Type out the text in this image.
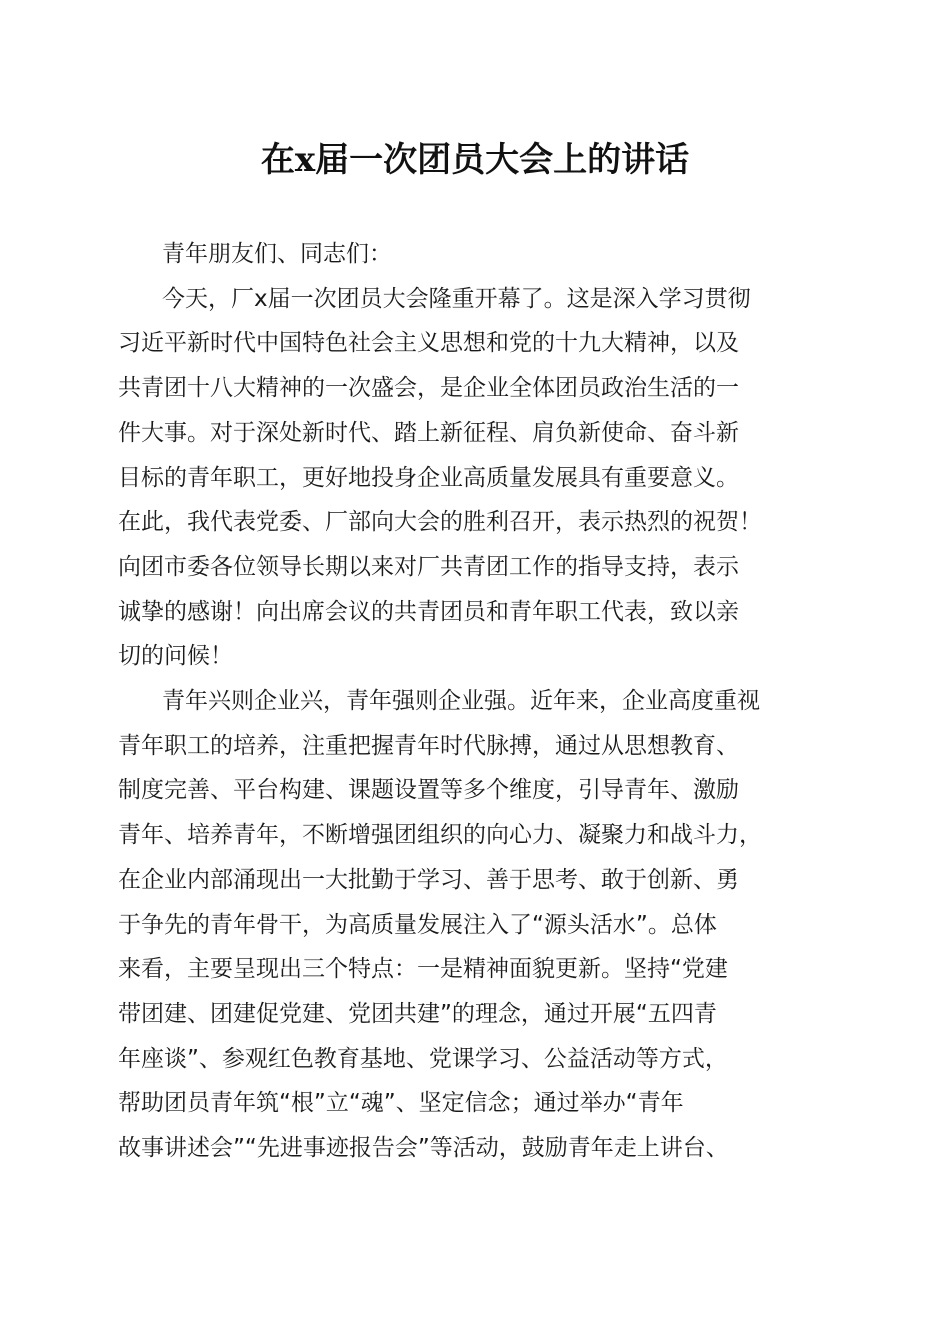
在x届一次团员大会上的讲话

青年朋友们、同志们：

今天，厂x届一次团员大会隆重开幕了。这是深入学习贯彻
习近平新时代中国特色社会主义思想和党的十九大精神，以及
共青团十八大精神的一次盛会，是企业全体团员政治生活的一
件大事。对于深处新时代、踏上新征程、肩负新使命、奋斗新
目标的青年职工，更好地投身企业高质量发展具有重要意义。
在此，我代表党委、厂部向大会的胜利召开，表示热烈的祝贺！
向团市委各位领导长期以来对厂共青团工作的指导支持，表示
诚挚的感谢！向出席会议的共青团员和青年职工代表，致以亲
切的问候！

青年兴则企业兴，青年强则企业强。近年来，企业高度重视
青年职工的培养，注重把握青年时代脉搏，通过从思想教育、
制度完善、平台构建、课题设置等多个维度，引导青年、激励
青年、培养青年，不断增强团组织的向心力、凝聚力和战斗力，
在企业内部涌现出一大批勤于学习、善于思考、敢于创新、勇
于争先的青年骨干，为高质量发展注入了“源头活水”。总体
来看，主要呈现出三个特点：一是精神面貌更新。坚持“党建
带团建、团建促党建、党团共建”的理念，通过开展“五四青
年座谈”、参观红色教育基地、党课学习、公益活动等方式，
帮助团员青年筑“根”立“魂”、坚定信念；通过举办“青年
故事讲述会”“先进事迹报告会”等活动，鼓励青年走上讲台、
